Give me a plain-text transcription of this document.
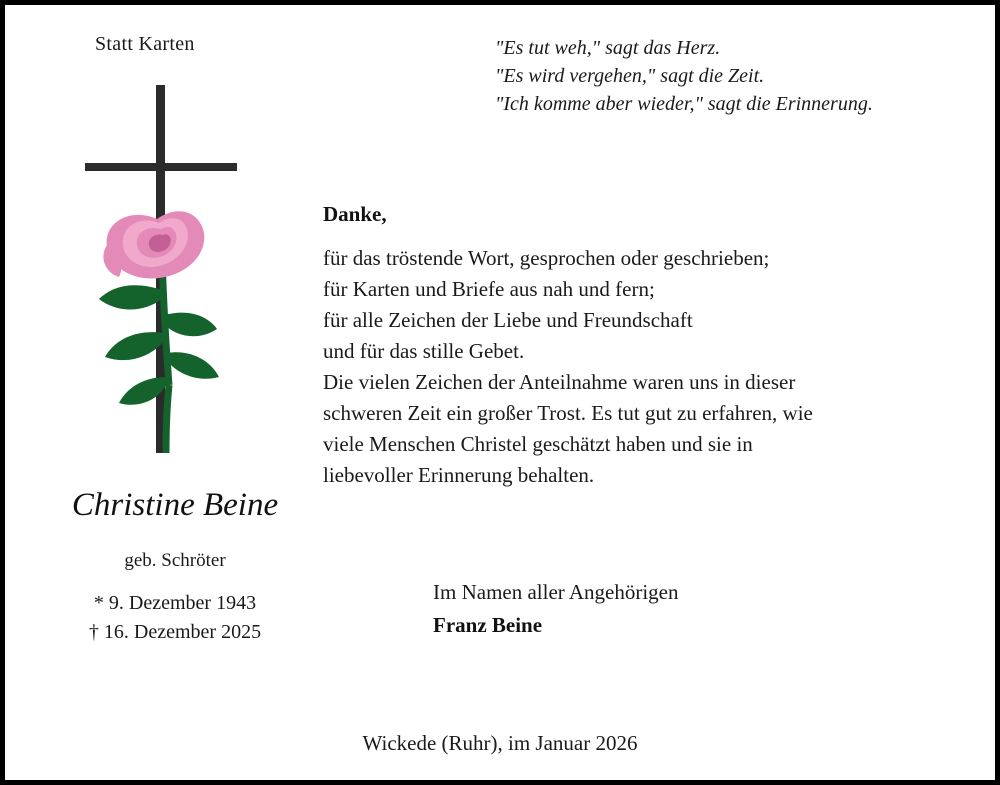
Statt Karten
Christine Beine
geb. Schröter
* 9. Dezember 1943
† 16. Dezember 2025
"Es tut weh," sagt das Herz.
"Es wird vergehen," sagt die Zeit.
"Ich komme aber wieder," sagt die Erinnerung.
Danke,
für das tröstende Wort, gesprochen oder geschrieben;
für Karten und Briefe aus nah und fern;
für alle Zeichen der Liebe und Freundschaft
und für das stille Gebet.
Die vielen Zeichen der Anteilnahme waren uns in dieser
schweren Zeit ein großer Trost. Es tut gut zu erfahren, wie
viele Menschen Christel geschätzt haben und sie in
liebevoller Erinnerung behalten.
Im Namen aller Angehörigen
Franz Beine
Wickede (Ruhr), im Januar 2026
